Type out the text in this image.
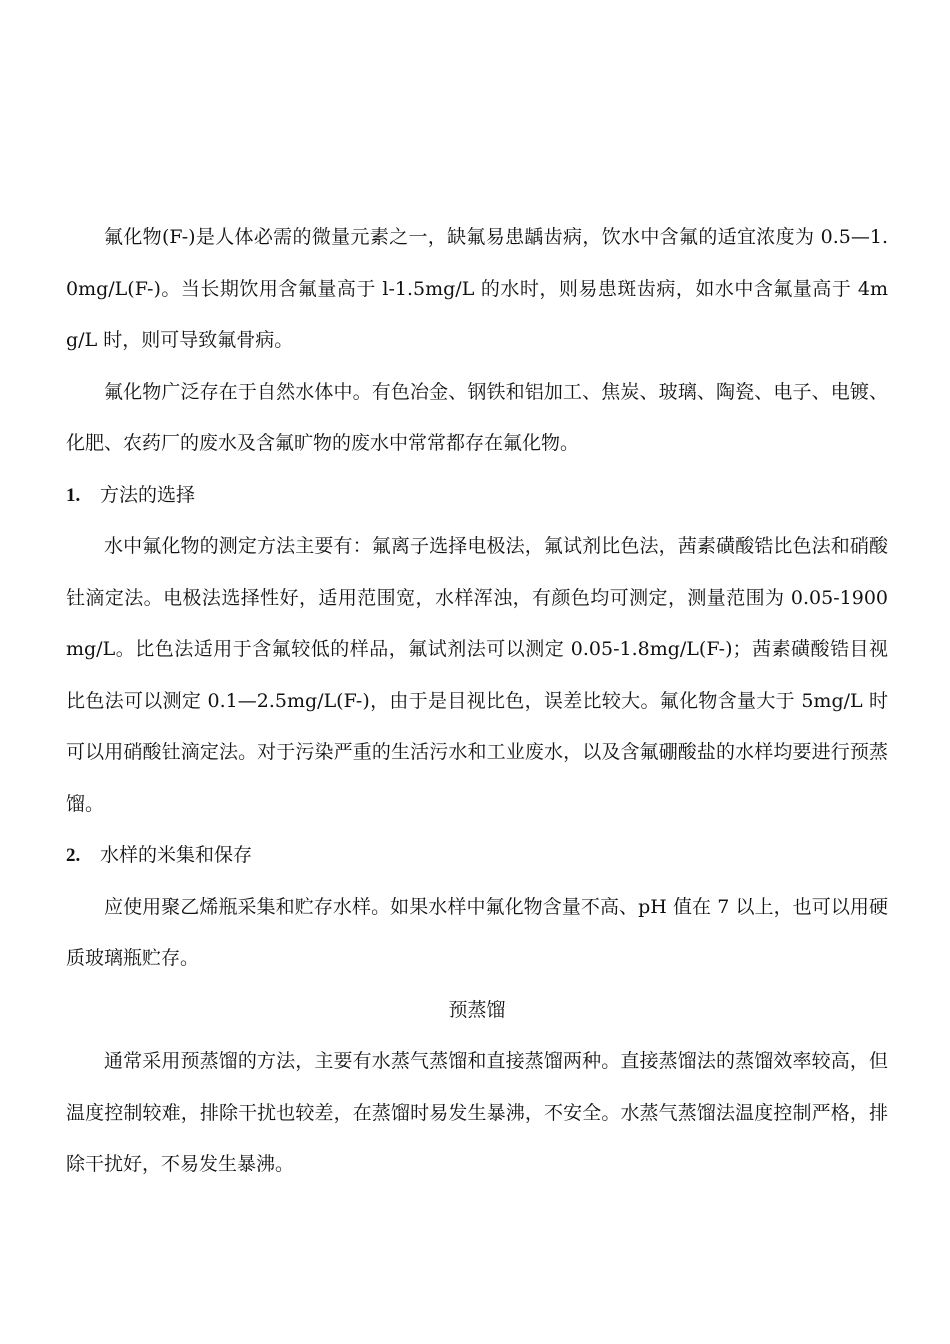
氟化物(F-)是人体必需的微量元素之一，缺氟易患龋齿病，饮水中含氟的适宜浓度为 0.5—1.0mg/L(F-)。当长期饮用含氟量高于 l-1.5mg/L 的水时，则易患斑齿病，如水中含氟量高于 4mg/L 时，则可导致氟骨病。

氟化物广泛存在于自然水体中。有色冶金、钢铁和铝加工、焦炭、玻璃、陶瓷、电子、电镀、化肥、农药厂的废水及含氟旷物的废水中常常都存在氟化物。

1. 方法的选择

水中氟化物的测定方法主要有：氟离子选择电极法，氟试剂比色法，茜素磺酸锆比色法和硝酸钍滴定法。电极法选择性好，适用范围宽，水样浑浊，有颜色均可测定，测量范围为 0.05-1900mg/L。比色法适用于含氟较低的样品，氟试剂法可以测定 0.05-1.8mg/L(F-)；茜素磺酸锆目视比色法可以测定 0.1—2.5mg/L(F-)，由于是目视比色，误差比较大。氟化物含量大于 5mg/L 时可以用硝酸钍滴定法。对于污染严重的生活污水和工业废水，以及含氟硼酸盐的水样均要进行预蒸馏。

2. 水样的米集和保存

应使用聚乙烯瓶采集和贮存水样。如果水样中氟化物含量不高、pH 值在 7 以上，也可以用硬质玻璃瓶贮存。

预蒸馏

通常采用预蒸馏的方法，主要有水蒸气蒸馏和直接蒸馏两种。直接蒸馏法的蒸馏效率较高，但温度控制较难，排除干扰也较差，在蒸馏时易发生暴沸，不安全。水蒸气蒸馏法温度控制严格，排除干扰好，不易发生暴沸。
